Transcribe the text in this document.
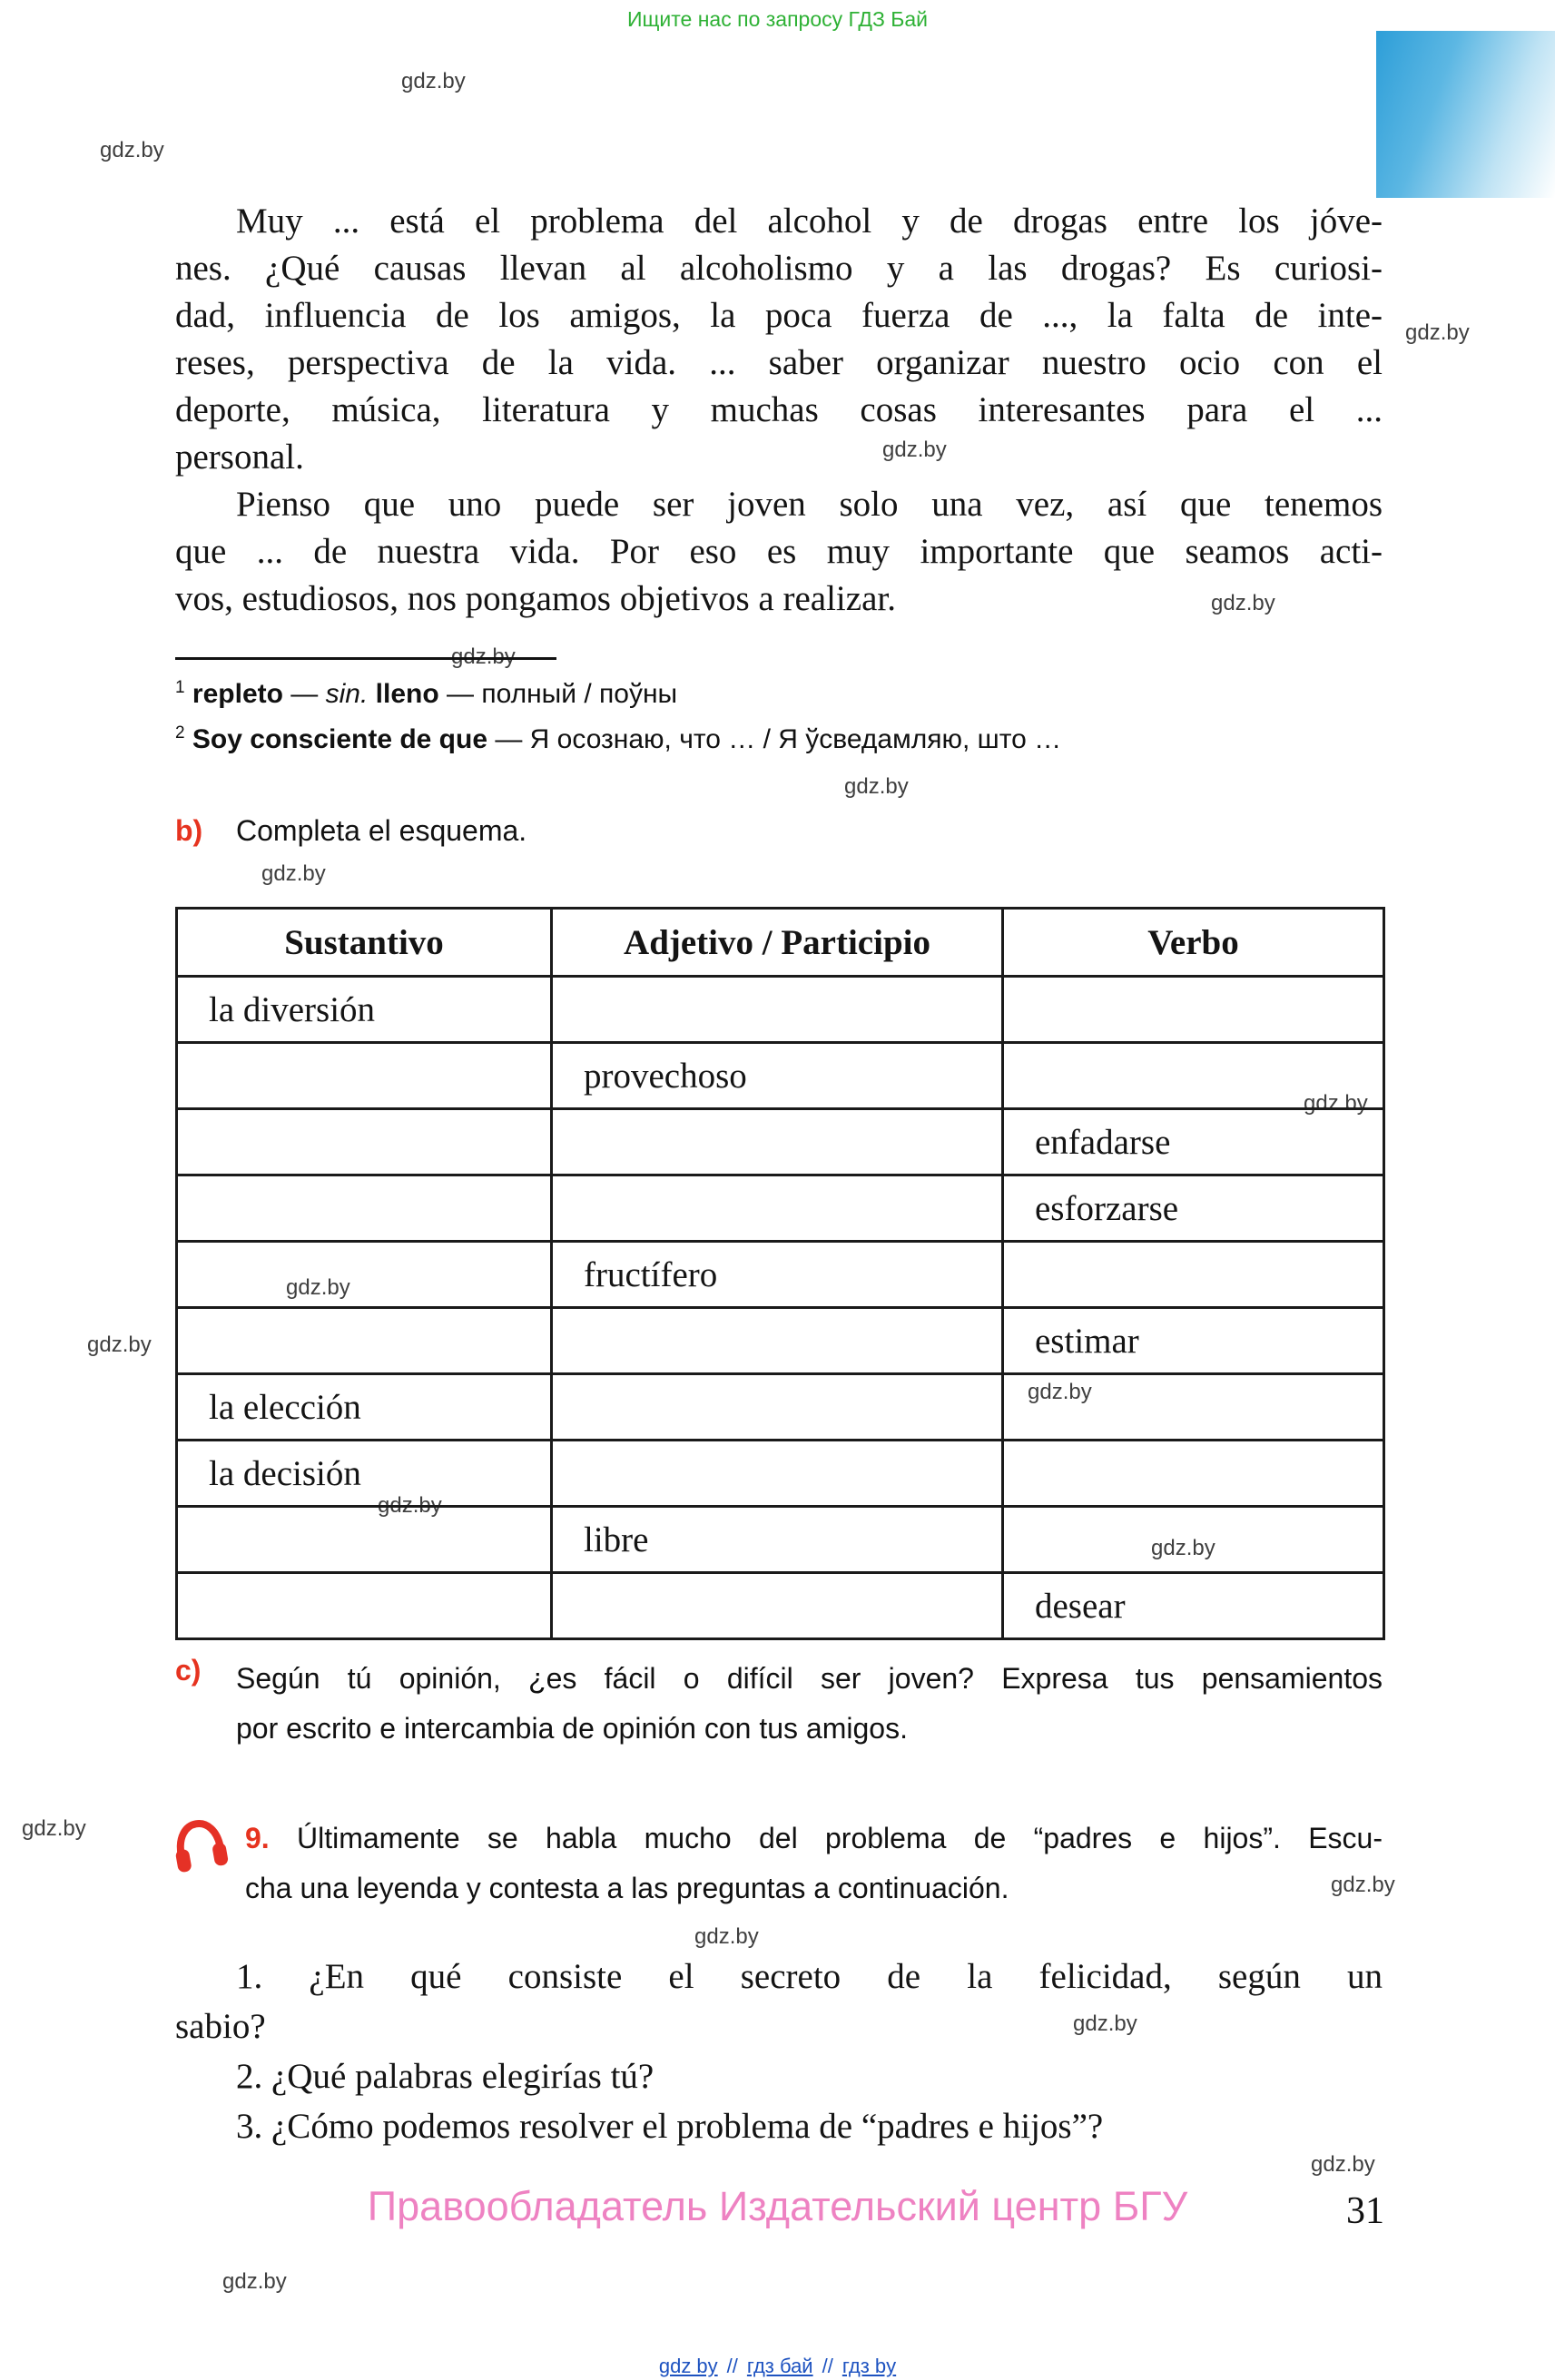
Ищите нас по запросу ГДЗ Бай
gdz.by
gdz.by
gdz.by
gdz.by
gdz.by
gdz.by
gdz.by
gdz.by
gdz.by
gdz.by
gdz.by
gdz.by
gdz.by
gdz.by
gdz.by
gdz.by
gdz.by
gdz.by
gdz.by
Muy ... está el problema del alcohol y de drogas entre los jóve-
nes. ¿Qué causas llevan al alcoholismo y a las drogas? Es curiosi-
dad, influencia de los amigos, la poca fuerza de ..., la falta de inte-
reses, perspectiva de la vida. ... saber organizar nuestro ocio con el
deporte, música, literatura y muchas cosas interesantes para el ...
personal.
Pienso que uno puede ser joven solo una vez, así que tenemos
que ... de nuestra vida. Por eso es muy importante que seamos acti-
vos, estudiosos, nos pongamos objetivos a realizar.
$^1$ repleto — sin. lleno — полный / поўны
$^2$ Soy consciente de que — Я осознаю, что … / Я ўсведамляю, што …
b) Completa el esquema.
Sustantivo	Adjetivo / Participio	Verbo
la diversión		
	provechoso	
		enfadarse
		esforzarse
	fructífero	
		estimar
la elección		
la decisión		
	libre	
		desear
c) Según tú opinión, ¿es fácil o difícil ser joven? Expresa tus pensamientos
por escrito e intercambia de opinión con tus amigos.
9. Últimamente se habla mucho del problema de “padres e hijos”. Escu-
cha una leyenda y contesta a las preguntas a continuación.
1. ¿En qué consiste el secreto de la felicidad, según un
sabio?
2. ¿Qué palabras elegirías tú?
3. ¿Cómo podemos resolver el problema de “padres e hijos”?
Правообладатель Издательский центр БГУ	31
gdz by // гдз бай // гдз by
